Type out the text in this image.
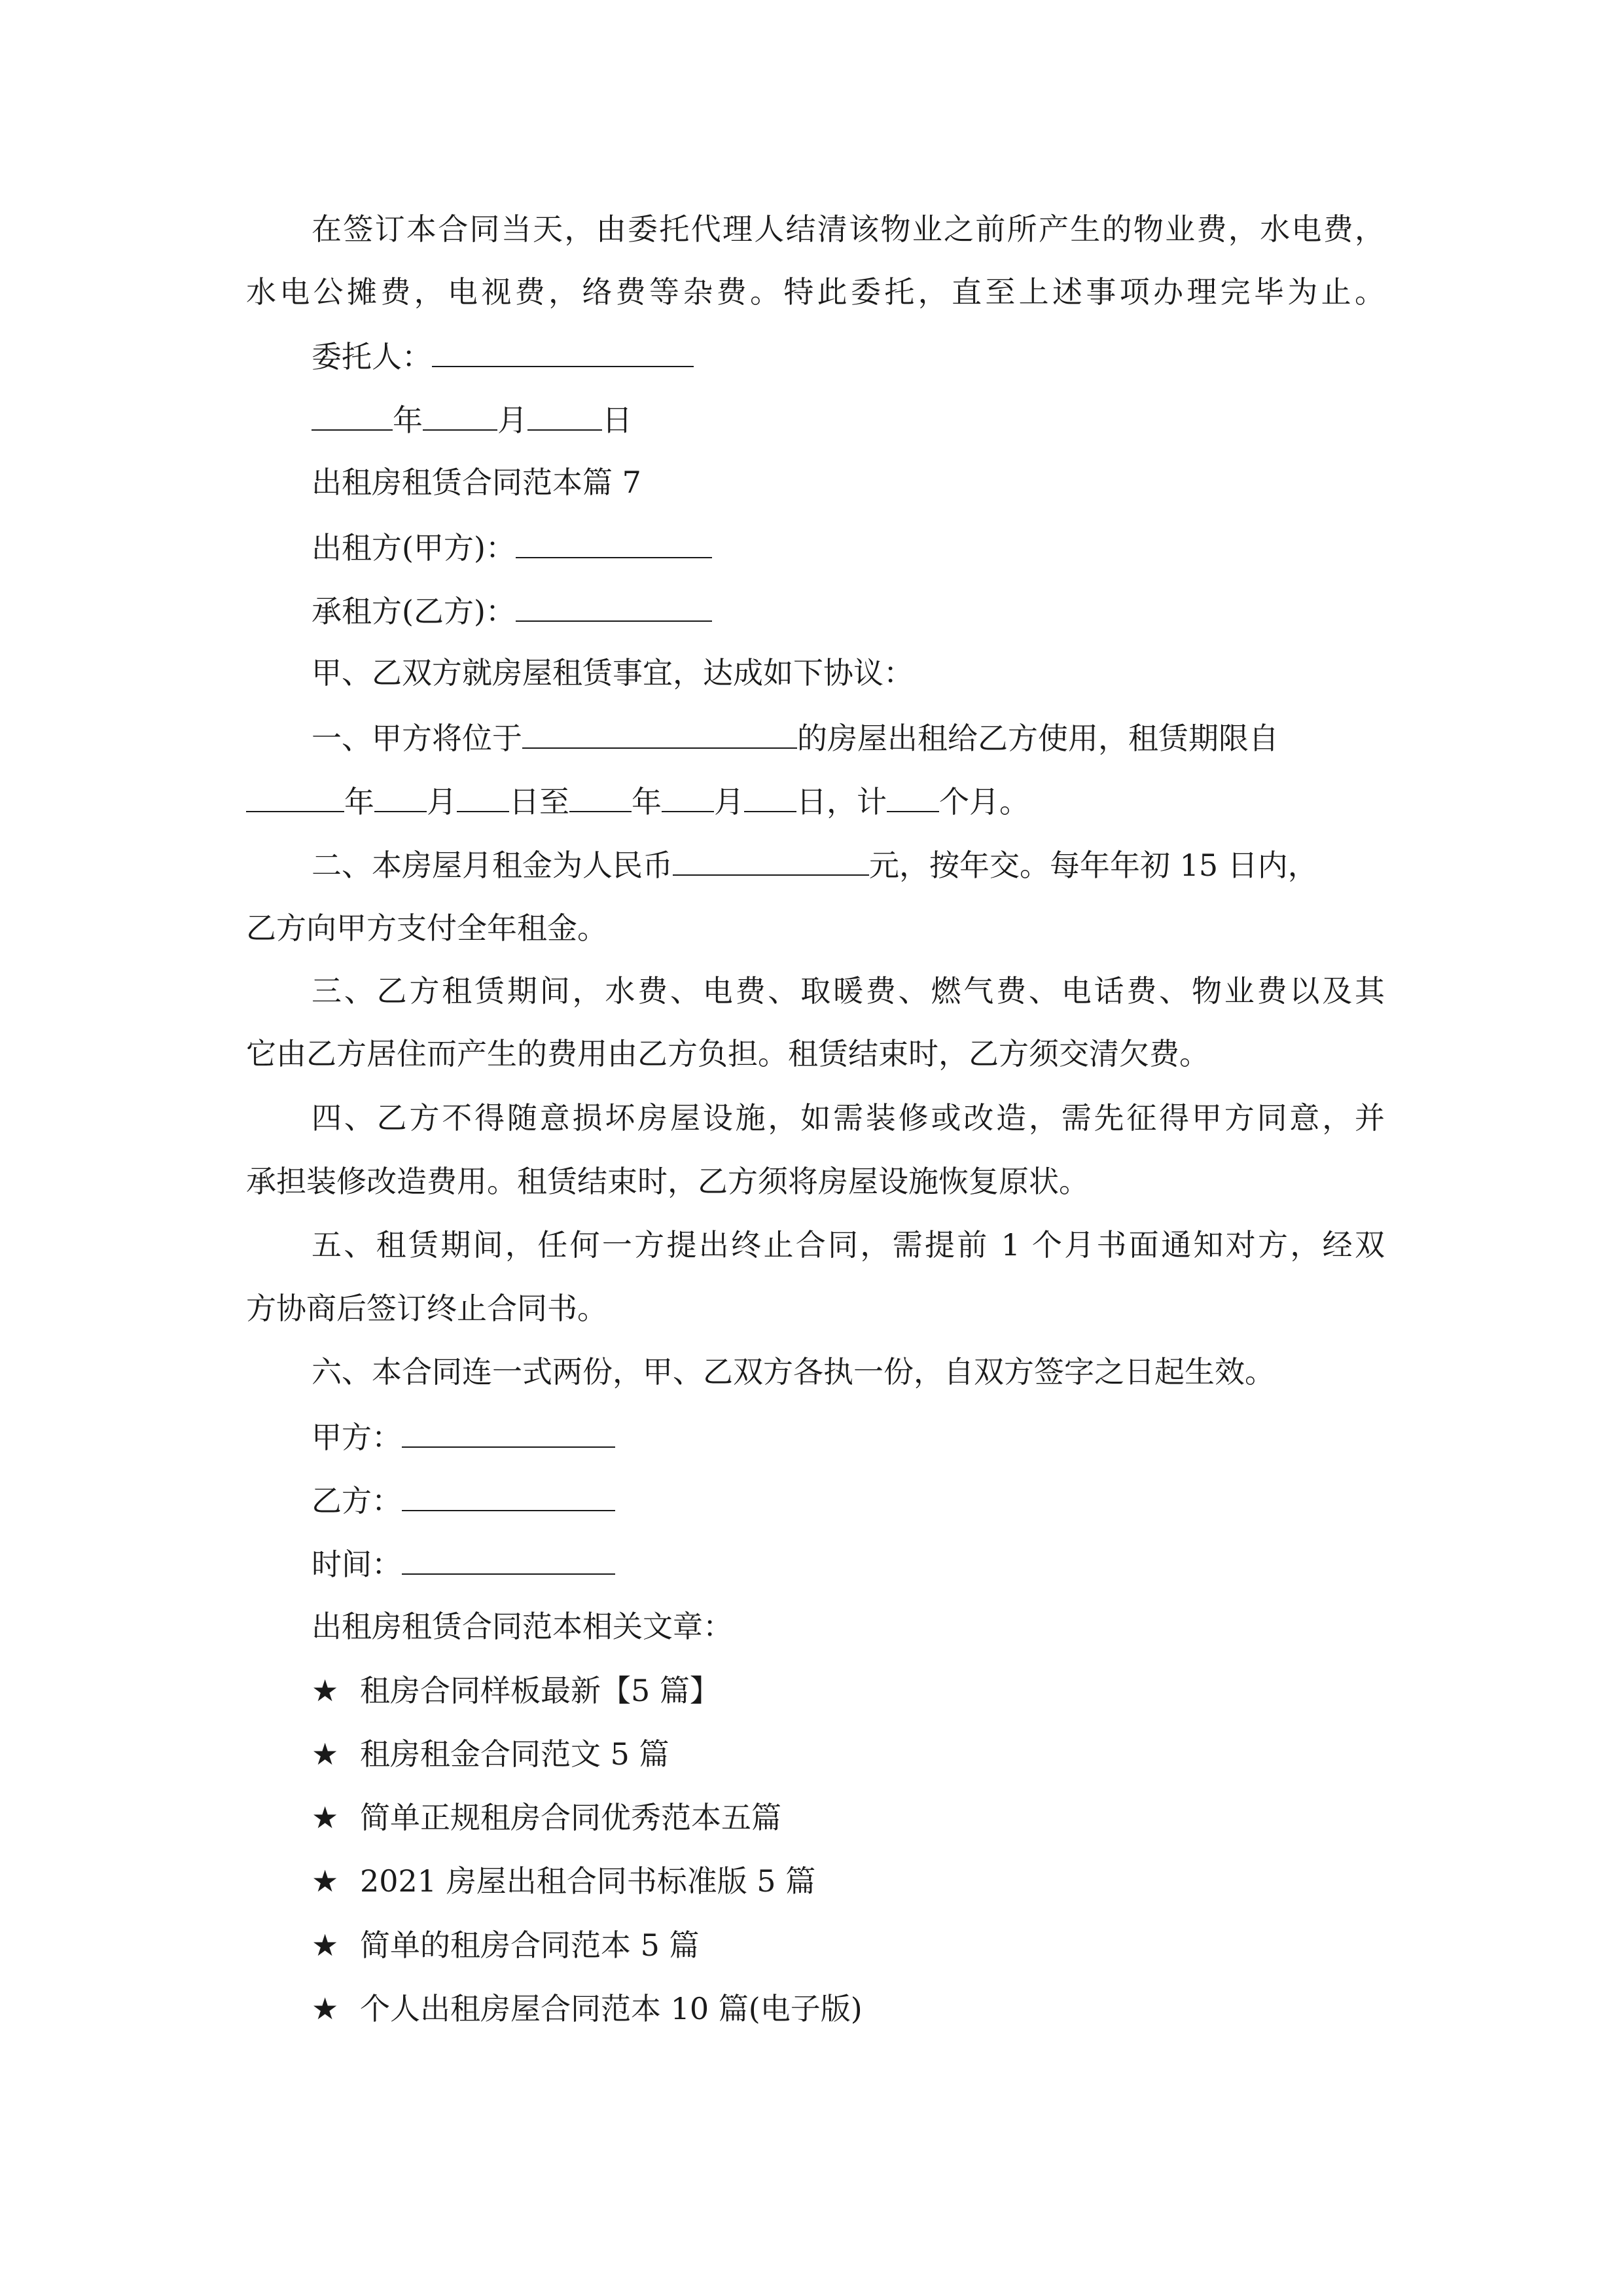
在签订本合同当天，由委托代理人结清该物业之前所产生的物业费，水电费，
水电公摊费，电视费，络费等杂费。特此委托，直至上述事项办理完毕为止。
委托人：
年 月 日
出租房租赁合同范本篇 7
出租方(甲方)：
承租方(乙方)：
甲、乙双方就房屋租赁事宜，达成如下协议：
一、甲方将位于	的房屋出租给乙方使用，租赁期限自
年 月 日至 年 月 日，计 个月。
二、本房屋月租金为人民币	元，按年交。每年年初 15 日内，
乙方向甲方支付全年租金。
三、乙方租赁期间，水费、电费、取暖费、燃气费、电话费、物业费以及其
它由乙方居住而产生的费用由乙方负担。租赁结束时，乙方须交清欠费。
四、乙方不得随意损坏房屋设施，如需装修或改造，需先征得甲方同意，并
承担装修改造费用。租赁结束时，乙方须将房屋设施恢复原状。
五、租赁期间，任何一方提出终止合同，需提前 1 个月书面通知对方，经双
方协商后签订终止合同书。
六、本合同连一式两份，甲、乙双方各执一份，自双方签字之日起生效。
甲方：
乙方：
时间：
出租房租赁合同范本相关文章：
★ 租房合同样板最新【5 篇】
★ 租房租金合同范文 5 篇
★ 简单正规租房合同优秀范本五篇
★ 2021 房屋出租合同书标准版 5 篇
★ 简单的租房合同范本 5 篇
★ 个人出租房屋合同范本 10 篇(电子版)
